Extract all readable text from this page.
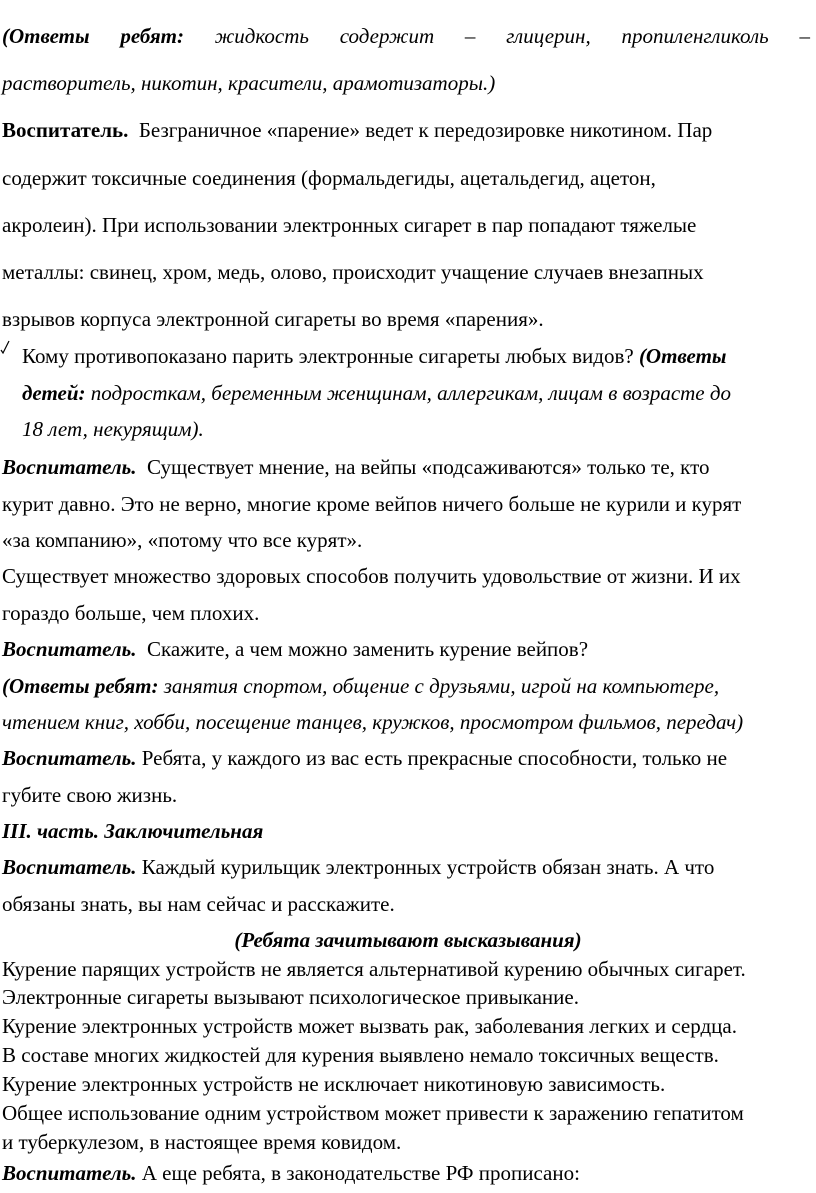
(Ответы ребят: жидкость содержит – глицерин, пропиленгликоль –
растворитель, никотин, красители, арамотизаторы.)
Воспитатель. Безграничное «парение» ведет к передозировке никотином. Пар
содержит токсичные соединения (формальдегиды, ацетальдегид, ацетон,
акролеин). При использовании электронных сигарет в пар попадают тяжелые
металлы: свинец, хром, медь, олово, происходит учащение случаев внезапных
взрывов корпуса электронной сигареты во время «парения».
Кому противопоказано парить электронные сигареты любых видов? (Ответы
детей: подросткам, беременным женщинам, аллергикам, лицам в возрасте до
18 лет, некурящим).
Воспитатель.  Существует мнение, на вейпы «подсаживаются» только те, кто
курит давно. Это не верно, многие кроме вейпов ничего больше не курили и курят
«за компанию», «потому что все курят».
Существует множество здоровых способов получить удовольствие от жизни. И их
гораздо больше, чем плохих.
Воспитатель.  Скажите, а чем можно заменить курение вейпов?
(Ответы ребят: занятия спортом, общение с друзьями, игрой на компьютере,
чтением книг, хобби, посещение танцев, кружков, просмотром фильмов, передач)
Воспитатель. Ребята, у каждого из вас есть прекрасные способности, только не
губите свою жизнь.
III. часть. Заключительная
Воспитатель. Каждый курильщик электронных устройств обязан знать. А что
обязаны знать, вы нам сейчас и расскажите.
(Ребята зачитывают высказывания)
Курение парящих устройств не является альтернативой курению обычных сигарет.
Электронные сигареты вызывают психологическое привыкание.
Курение электронных устройств может вызвать рак, заболевания легких и сердца.
В составе многих жидкостей для курения выявлено немало токсичных веществ.
Курение электронных устройств не исключает никотиновую зависимость.
Общее использование одним устройством может привести к заражению гепатитом
и туберкулезом, в настоящее время ковидом.
Воспитатель. А еще ребята, в законодательстве РФ прописано:
